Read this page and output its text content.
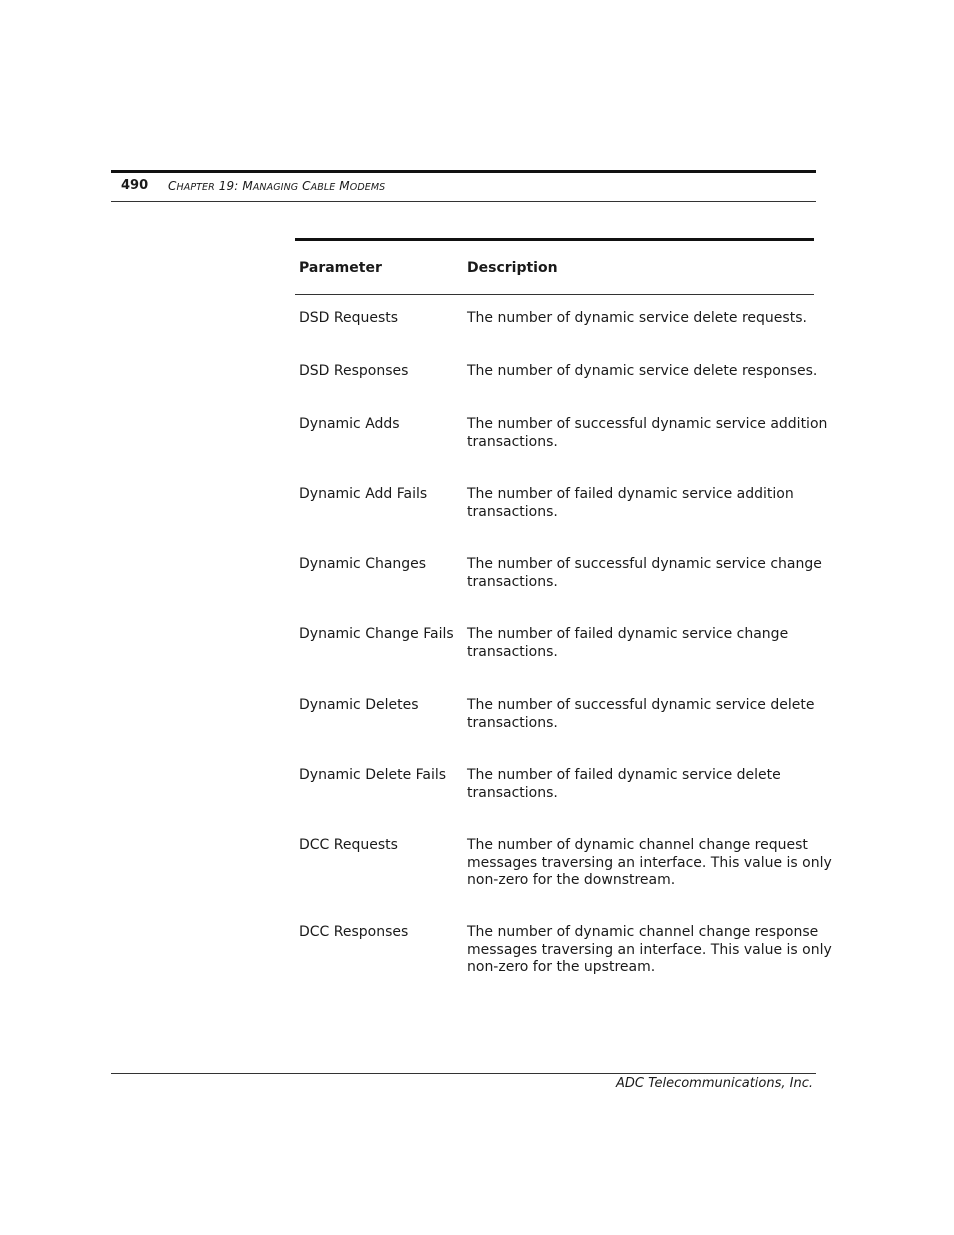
490 CHAPTER 19: MANAGING CABLE MODEMS
Parameter	Description
DSD Requests	The number of dynamic service delete requests.
DSD Responses	The number of dynamic service delete responses.
Dynamic Adds	The number of successful dynamic service addition
transactions.
Dynamic Add Fails	The number of failed dynamic service addition
transactions.
Dynamic Changes	The number of successful dynamic service change
transactions.
Dynamic Change Fails The number of failed dynamic service change
transactions.
Dynamic Deletes	The number of successful dynamic service delete
transactions.
Dynamic Delete Fails	The number of failed dynamic service delete
transactions.
DCC Requests	The number of dynamic channel change request
messages traversing an interface. This value is only
non-zero for the downstream.
DCC Responses	The number of dynamic channel change response
messages traversing an interface. This value is only
non-zero for the upstream.
ADC Telecommunications, Inc.
